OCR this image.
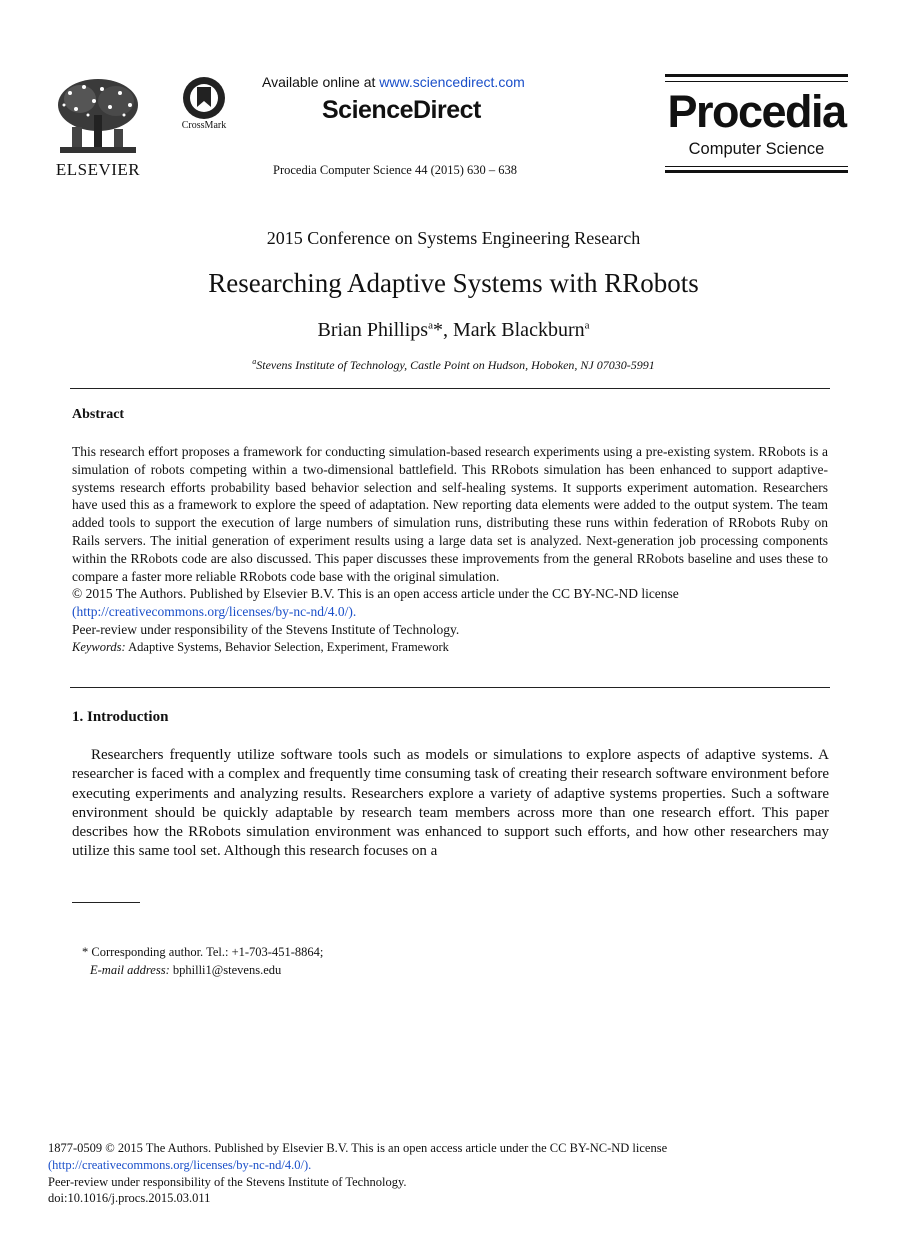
ELSEVIER
CrossMark
Available online at www.sciencedirect.com
ScienceDirect
Procedia Computer Science 44 (2015) 630 – 638
Procedia
Computer Science
2015 Conference on Systems Engineering Research
Researching Adaptive Systems with RRobots
Brian Phillips$^a$*, Mark Blackburn$^a$
$^a$Stevens Institute of Technology, Castle Point on Hudson, Hoboken, NJ 07030-5991
Abstract

This research effort proposes a framework for conducting simulation-based research experiments using a pre-existing system. RRobots is a simulation of robots competing within a two-dimensional battlefield. This RRobots simulation has been enhanced to support adaptive-systems research efforts probability based behavior selection and self-healing systems. It supports experiment automation. Researchers have used this as a framework to explore the speed of adaptation. New reporting data elements were added to the output system. The team added tools to support the execution of large numbers of simulation runs, distributing these runs within federation of RRobots Ruby on Rails servers. The initial generation of experiment results using a large data set is analyzed. Next-generation job processing components within the RRobots code are also discussed. This paper discusses these improvements from the general RRobots baseline and uses these to compare a faster more reliable RRobots code base with the original simulation.

© 2015 The Authors. Published by Elsevier B.V. This is an open access article under the CC BY-NC-ND license

(http://creativecommons.org/licenses/by-nc-nd/4.0/).

Peer-review under responsibility of the Stevens Institute of Technology.

Keywords: Adaptive Systems, Behavior Selection, Experiment, Framework

1. Introduction

Researchers frequently utilize software tools such as models or simulations to explore aspects of adaptive systems. A researcher is faced with a complex and frequently time consuming task of creating their research software environment before executing experiments and analyzing results. Researchers explore a variety of adaptive systems properties. Such a software environment should be quickly adaptable by research team members across more than one research effort. This paper describes how the RRobots simulation environment was enhanced to support such efforts, and how other researchers may utilize this same tool set. Although this research focuses on a

* Corresponding author. Tel.: +1-703-451-8864;
E-mail address: bphilli1@stevens.edu
1877-0509 © 2015 The Authors. Published by Elsevier B.V. This is an open access article under the CC BY-NC-ND license
(http://creativecommons.org/licenses/by-nc-nd/4.0/).
Peer-review under responsibility of the Stevens Institute of Technology.
doi:10.1016/j.procs.2015.03.011
